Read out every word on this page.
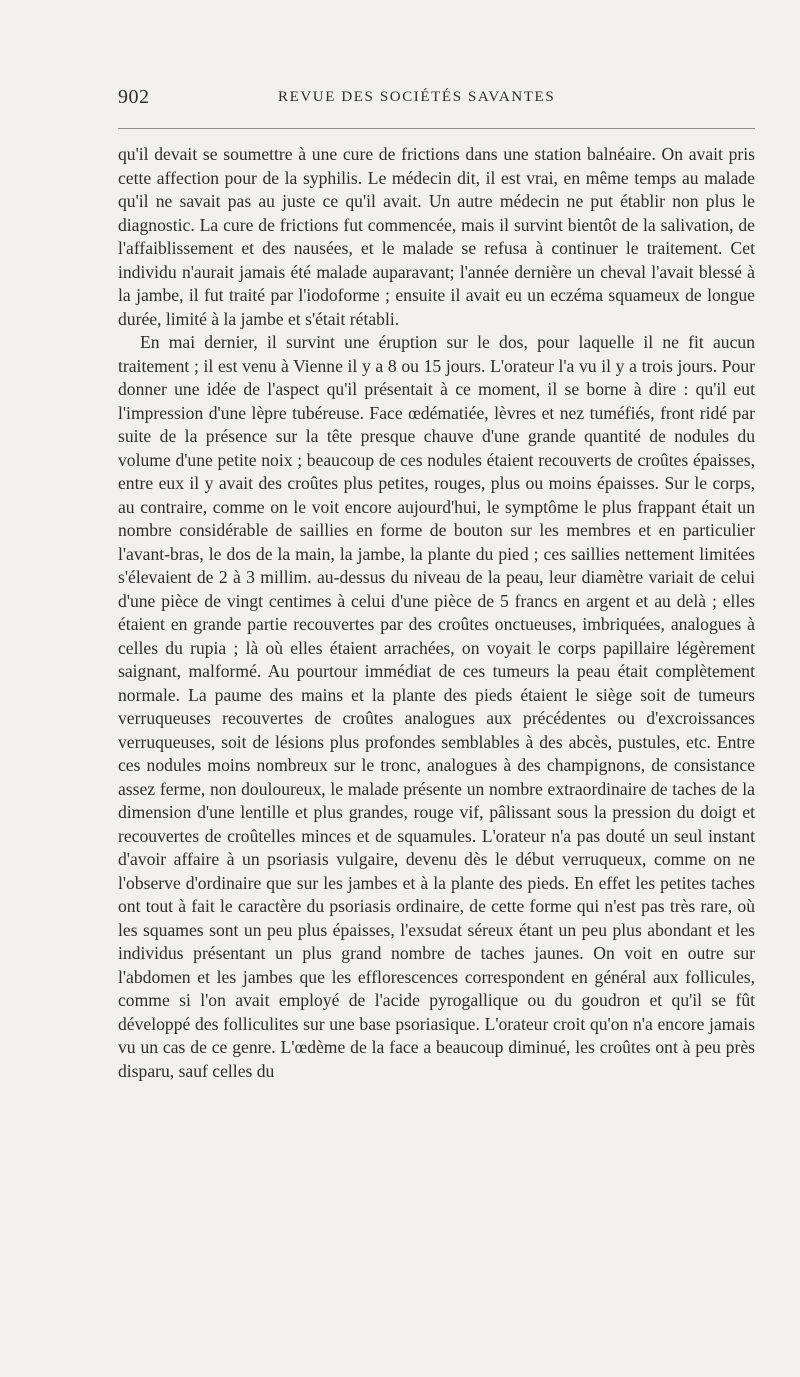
902	REVUE DES SOCIÉTÉS SAVANTES

qu'il devait se soumettre à une cure de frictions dans une station balnéaire. On avait pris cette affection pour de la syphilis. Le médecin dit, il est vrai, en même temps au malade qu'il ne savait pas au juste ce qu'il avait. Un autre médecin ne put établir non plus le diagnostic. La cure de frictions fut commencée, mais il survint bientôt de la salivation, de l'affaiblissement et des nausées, et le malade se refusa à continuer le traitement. Cet individu n'aurait jamais été malade auparavant; l'année dernière un cheval l'avait blessé à la jambe, il fut traité par l'iodoforme ; ensuite il avait eu un eczéma squameux de longue durée, limité à la jambe et s'était rétabli.

En mai dernier, il survint une éruption sur le dos, pour laquelle il ne fit aucun traitement ; il est venu à Vienne il y a 8 ou 15 jours. L'orateur l'a vu il y a trois jours. Pour donner une idée de l'aspect qu'il présentait à ce moment, il se borne à dire : qu'il eut l'impression d'une lèpre tubéreuse. Face œdématiée, lèvres et nez tuméfiés, front ridé par suite de la présence sur la tête presque chauve d'une grande quantité de nodules du volume d'une petite noix ; beaucoup de ces nodules étaient recouverts de croûtes épaisses, entre eux il y avait des croûtes plus petites, rouges, plus ou moins épaisses. Sur le corps, au contraire, comme on le voit encore aujourd'hui, le symptôme le plus frappant était un nombre considérable de saillies en forme de bouton sur les membres et en particulier l'avant-bras, le dos de la main, la jambe, la plante du pied ; ces saillies nettement limitées s'élevaient de 2 à 3 millim. au-dessus du niveau de la peau, leur diamètre variait de celui d'une pièce de vingt centimes à celui d'une pièce de 5 francs en argent et au delà ; elles étaient en grande partie recouvertes par des croûtes onctueuses, imbriquées, analogues à celles du rupia ; là où elles étaient arrachées, on voyait le corps papillaire légèrement saignant, malformé. Au pourtour immédiat de ces tumeurs la peau était complètement normale. La paume des mains et la plante des pieds étaient le siège soit de tumeurs verruqueuses recouvertes de croûtes analogues aux précédentes ou d'excroissances verruqueuses, soit de lésions plus profondes semblables à des abcès, pustules, etc. Entre ces nodules moins nombreux sur le tronc, analogues à des champignons, de consistance assez ferme, non douloureux, le malade présente un nombre extraordinaire de taches de la dimension d'une lentille et plus grandes, rouge vif, pâlissant sous la pression du doigt et recouvertes de croûtelles minces et de squamules. L'orateur n'a pas douté un seul instant d'avoir affaire à un psoriasis vulgaire, devenu dès le début verruqueux, comme on ne l'observe d'ordinaire que sur les jambes et à la plante des pieds. En effet les petites taches ont tout à fait le caractère du psoriasis ordinaire, de cette forme qui n'est pas très rare, où les squames sont un peu plus épaisses, l'exsudat séreux étant un peu plus abondant et les individus présentant un plus grand nombre de taches jaunes. On voit en outre sur l'abdomen et les jambes que les efflorescences correspondent en général aux follicules, comme si l'on avait employé de l'acide pyrogallique ou du goudron et qu'il se fût développé des folliculites sur une base psoriasique. L'orateur croit qu'on n'a encore jamais vu un cas de ce genre. L'œdème de la face a beaucoup diminué, les croûtes ont à peu près disparu, sauf celles du
